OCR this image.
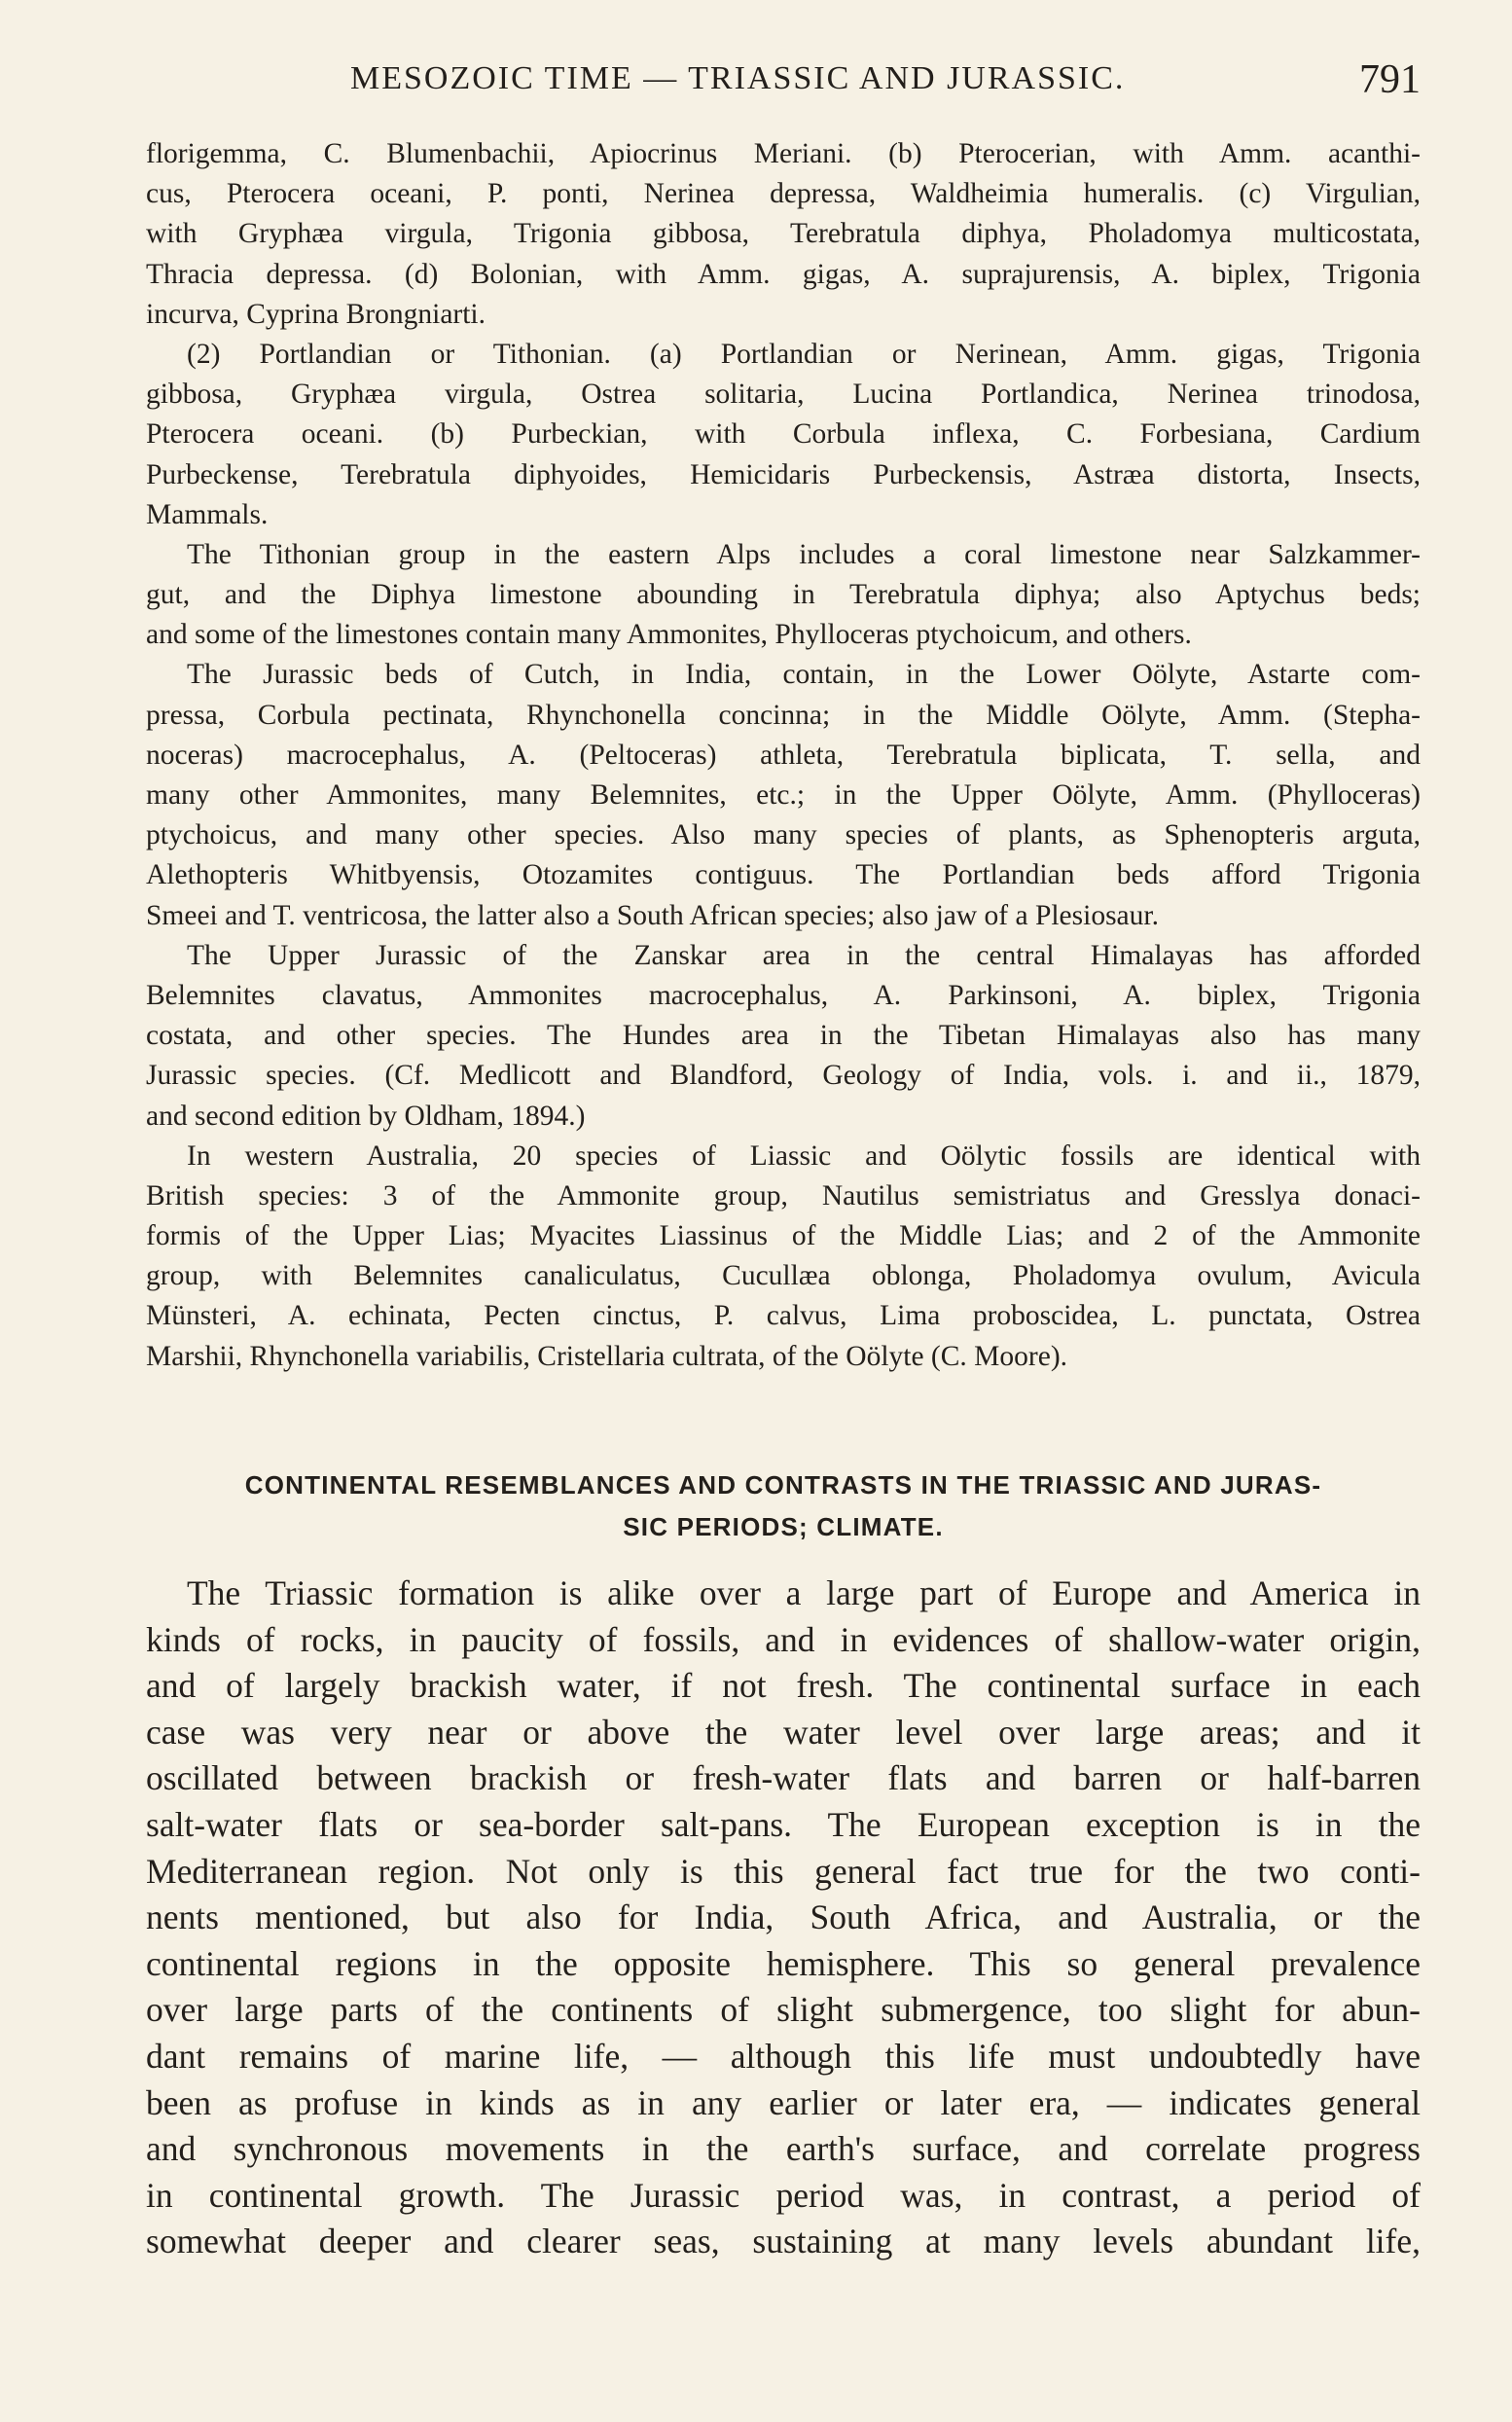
MESOZOIC TIME — TRIASSIC AND JURASSIC.	791
florigemma, C. Blumenbachii, Apiocrinus Meriani. (b) Pterocerian, with Amm. acanthi-
cus, Pterocera oceani, P. ponti, Nerinea depressa, Waldheimia humeralis. (c) Virgulian,
with Gryphæa virgula, Trigonia gibbosa, Terebratula diphya, Pholadomya multicostata,
Thracia depressa. (d) Bolonian, with Amm. gigas, A. suprajurensis, A. biplex, Trigonia
incurva, Cyprina Brongniarti.
(2) Portlandian or Tithonian. (a) Portlandian or Nerinean, Amm. gigas, Trigonia
gibbosa, Gryphæa virgula, Ostrea solitaria, Lucina Portlandica, Nerinea trinodosa,
Pterocera oceani. (b) Purbeckian, with Corbula inflexa, C. Forbesiana, Cardium
Purbeckense, Terebratula diphyoides, Hemicidaris Purbeckensis, Astræa distorta, Insects,
Mammals.
The Tithonian group in the eastern Alps includes a coral limestone near Salzkammer-
gut, and the Diphya limestone abounding in Terebratula diphya; also Aptychus beds;
and some of the limestones contain many Ammonites, Phylloceras ptychoicum, and others.
The Jurassic beds of Cutch, in India, contain, in the Lower Oölyte, Astarte com-
pressa, Corbula pectinata, Rhynchonella concinna; in the Middle Oölyte, Amm. (Stepha-
noceras) macrocephalus, A. (Peltoceras) athleta, Terebratula biplicata, T. sella, and
many other Ammonites, many Belemnites, etc.; in the Upper Oölyte, Amm. (Phylloceras)
ptychoicus, and many other species. Also many species of plants, as Sphenopteris arguta,
Alethopteris Whitbyensis, Otozamites contiguus. The Portlandian beds afford Trigonia
Smeei and T. ventricosa, the latter also a South African species; also jaw of a Plesiosaur.
The Upper Jurassic of the Zanskar area in the central Himalayas has afforded
Belemnites clavatus, Ammonites macrocephalus, A. Parkinsoni, A. biplex, Trigonia
costata, and other species. The Hundes area in the Tibetan Himalayas also has many
Jurassic species. (Cf. Medlicott and Blandford, Geology of India, vols. i. and ii., 1879,
and second edition by Oldham, 1894.)
In western Australia, 20 species of Liassic and Oölytic fossils are identical with
British species: 3 of the Ammonite group, Nautilus semistriatus and Gresslya donaci-
formis of the Upper Lias; Myacites Liassinus of the Middle Lias; and 2 of the Ammonite
group, with Belemnites canaliculatus, Cucullæa oblonga, Pholadomya ovulum, Avicula
Münsteri, A. echinata, Pecten cinctus, P. calvus, Lima proboscidea, L. punctata, Ostrea
Marshii, Rhynchonella variabilis, Cristellaria cultrata, of the Oölyte (C. Moore).
CONTINENTAL RESEMBLANCES AND CONTRASTS IN THE TRIASSIC AND JURAS-
SIC PERIODS; CLIMATE.
The Triassic formation is alike over a large part of Europe and America in
kinds of rocks, in paucity of fossils, and in evidences of shallow-water origin,
and of largely brackish water, if not fresh. The continental surface in each
case was very near or above the water level over large areas; and it
oscillated between brackish or fresh-water flats and barren or half-barren
salt-water flats or sea-border salt-pans. The European exception is in the
Mediterranean region. Not only is this general fact true for the two conti-
nents mentioned, but also for India, South Africa, and Australia, or the
continental regions in the opposite hemisphere. This so general prevalence
over large parts of the continents of slight submergence, too slight for abun-
dant remains of marine life, — although this life must undoubtedly have
been as profuse in kinds as in any earlier or later era, — indicates general
and synchronous movements in the earth's surface, and correlate progress
in continental growth. The Jurassic period was, in contrast, a period of
somewhat deeper and clearer seas, sustaining at many levels abundant life,
